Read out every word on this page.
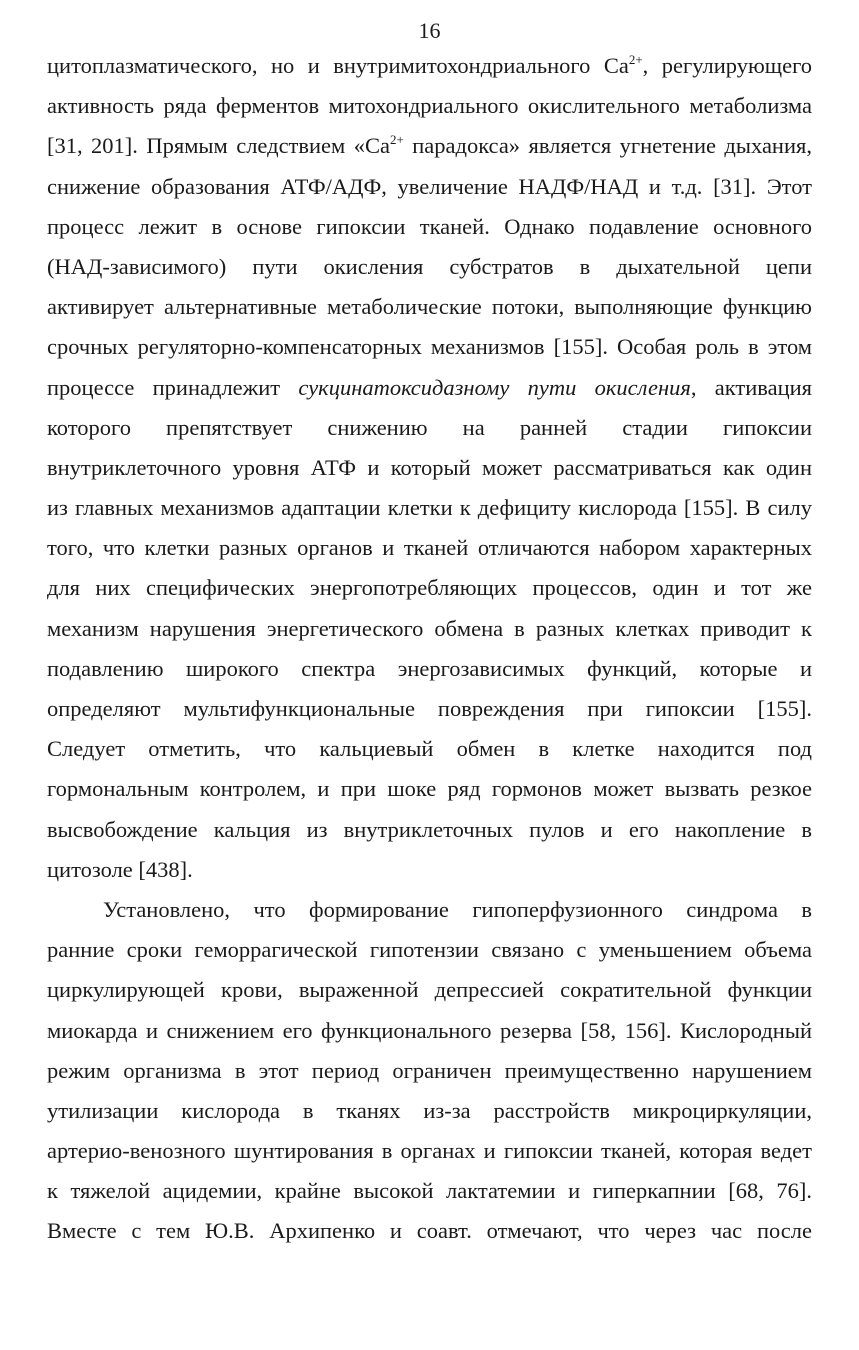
16
цитоплазматического, но и внутримитохондриального $Ca^{2+}$, регулирующего
активность ряда ферментов митохондриального окислительного метаболизма
[31, 201]. Прямым следствием «$Ca^{2+}$ парадокса» является угнетение дыхания,
снижение образования АТФ/АДФ, увеличение НАДФ/НАД и т.д. [31]. Этот
процесс лежит в основе гипоксии тканей. Однако подавление основного
(НАД-зависимого) пути окисления субстратов в дыхательной цепи
активирует альтернативные метаболические потоки, выполняющие функцию
срочных регуляторно-компенсаторных механизмов [155]. Особая роль в этом
процессе принадлежит сукцинатоксидазному пути окисления, активация
которого препятствует снижению на ранней стадии гипоксии
внутриклеточного уровня АТФ и который может рассматриваться как один
из главных механизмов адаптации клетки к дефициту кислорода [155]. В силу
того, что клетки разных органов и тканей отличаются набором характерных
для них специфических энергопотребляющих процессов, один и тот же
механизм нарушения энергетического обмена в разных клетках приводит к
подавлению широкого спектра энергозависимых функций, которые и
определяют мультифункциональные повреждения при гипоксии [155].
Следует отметить, что кальциевый обмен в клетке находится под
гормональным контролем, и при шоке ряд гормонов может вызвать резкое
высвобождение кальция из внутриклеточных пулов и его накопление в
цитозоле [438].
Установлено, что формирование гипоперфузионного синдрома в
ранние сроки геморрагической гипотензии связано с уменьшением объема
циркулирующей крови, выраженной депрессией сократительной функции
миокарда и снижением его функционального резерва [58, 156]. Кислородный
режим организма в этот период ограничен преимущественно нарушением
утилизации кислорода в тканях из-за расстройств микроциркуляции,
артерио-венозного шунтирования в органах и гипоксии тканей, которая ведет
к тяжелой ацидемии, крайне высокой лактатемии и гиперкапнии [68, 76].
Вместе с тем Ю.В. Архипенко и соавт. отмечают, что через час после
